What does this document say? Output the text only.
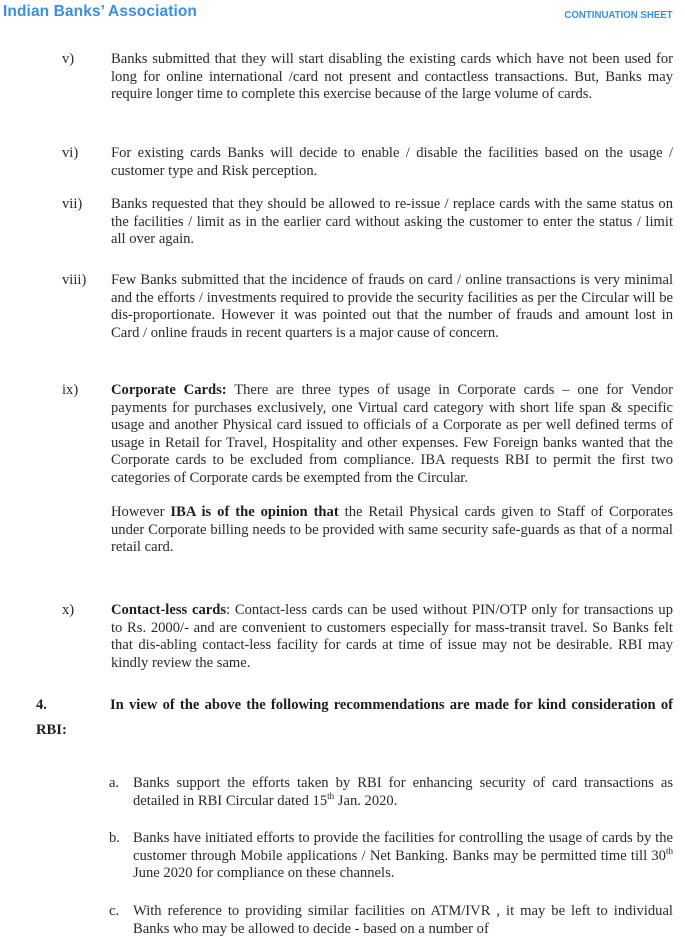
Indian Banks’ Association	CONTINUATION SHEET
v)	Banks submitted that they will start disabling the existing cards which have not been used for long for online international /card not present and contactless transactions. But, Banks may require longer time to complete this exercise because of the large volume of cards.

vi) For existing cards Banks will decide to enable / disable the facilities based on the usage / customer type and Risk perception.

vii) Banks requested that they should be allowed to re-issue / replace cards with the same status on the facilities / limit as in the earlier card without asking the customer to enter the status / limit all over again.

viii) Few Banks submitted that the incidence of frauds on card / online transactions is very minimal and the efforts / investments required to provide the security facilities as per the Circular will be dis-proportionate. However it was pointed out that the number of frauds and amount lost in Card / online frauds in recent quarters is a major cause of concern.

ix) Corporate Cards: There are three types of usage in Corporate cards – one for Vendor payments for purchases exclusively, one Virtual card category with short life span & specific usage and another Physical card issued to officials of a Corporate as per well defined terms of usage in Retail for Travel, Hospitality and other expenses. Few Foreign banks wanted that the Corporate cards to be excluded from compliance. IBA requests RBI to permit the first two categories of Corporate cards be exempted from the Circular.

However IBA is of the opinion that the Retail Physical cards given to Staff of Corporates under Corporate billing needs to be provided with same security safe-guards as that of a normal retail card.

x)	Contact-less cards: Contact-less cards can be used without PIN/OTP only for transactions up to Rs. 2000/- and are convenient to customers especially for mass-transit travel. So Banks felt that dis-abling contact-less facility for cards at time of issue may not be desirable. RBI may kindly review the same.

4.	In view of the above the following recommendations are made for kind consideration of RBI:
a. Banks support the efforts taken by RBI for enhancing security of card transactions as detailed in RBI Circular dated 15th Jan. 2020.
b. Banks have initiated efforts to provide the facilities for controlling the usage of cards by the customer through Mobile applications / Net Banking. Banks may be permitted time till 30th June 2020 for compliance on these channels.
c. With reference to providing similar facilities on ATM/IVR , it may be left to individual Banks who may be allowed to decide - based on a number of
